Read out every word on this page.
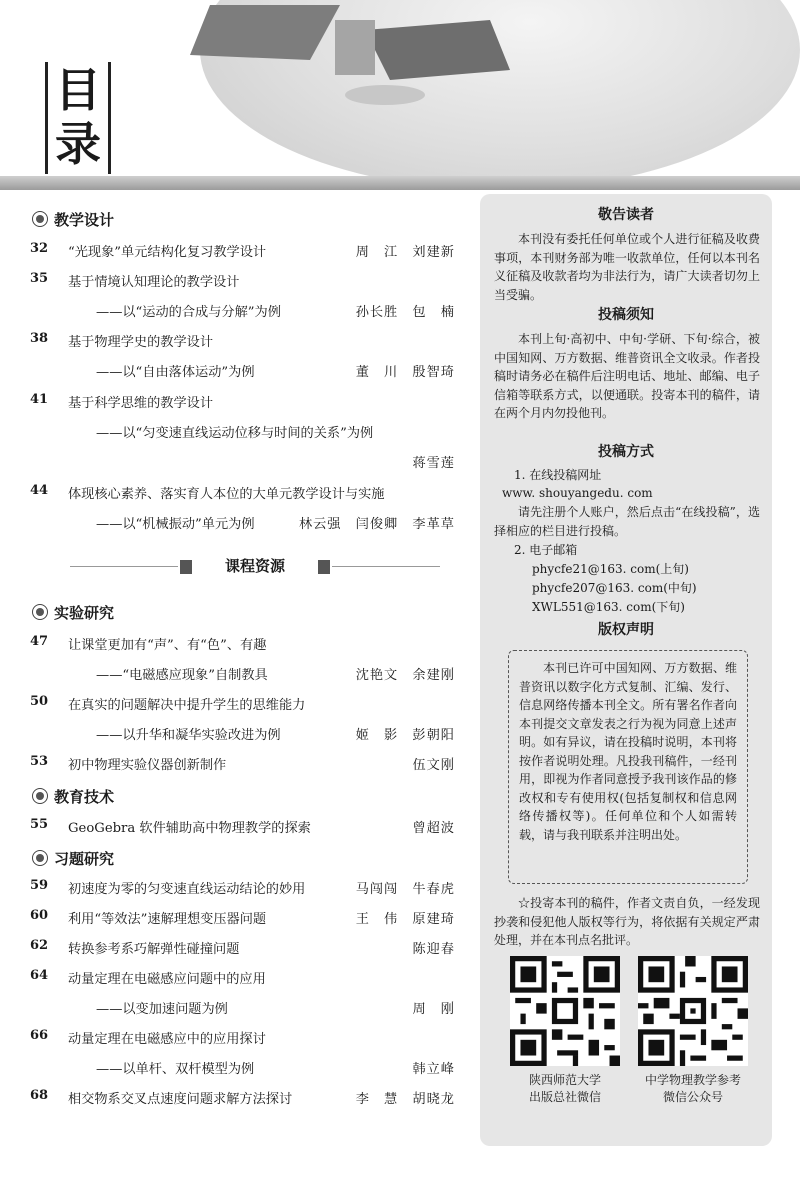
目
录
教学设计
32 “光现象”单元结构化复习教学设计	周　江　刘建新
35 基于情境认知理论的教学设计
——以“运动的合成与分解”为例	孙长胜　包　楠
38 基于物理学史的教学设计
——以“自由落体运动”为例	董　川　殷智琦
41 基于科学思维的教学设计
——以“匀变速直线运动位移与时间的关系”为例
蒋雪莲
44 体现核心素养、落实育人本位的大单元教学设计与实施
——以“机械振动”单元为例	林云强　闫俊卿　李革草
课程资源
实验研究
47 让课堂更加有“声”、有“色”、有趣
——“电磁感应现象”自制教具	沈艳文　余建刚
50 在真实的问题解决中提升学生的思维能力
——以升华和凝华实验改进为例	姬　影　彭朝阳
53 初中物理实验仪器创新制作	伍文刚
教育技术
55 GeoGebra 软件辅助高中物理教学的探索	曾超波
习题研究
59 初速度为零的匀变速直线运动结论的妙用	马闯闯　牛春虎
60 利用“等效法”速解理想变压器问题	王　伟　原建琦
62 转换参考系巧解弹性碰撞问题	陈迎春
64 动量定理在电磁感应问题中的应用
——以变加速问题为例	周　刚
66 动量定理在电磁感应中的应用探讨
——以单杆、双杆模型为例	韩立峰
68 相交物系交叉点速度问题求解方法探讨	李　慧　胡晓龙
敬告读者
本刊没有委托任何单位或个人进行征稿及收费事项，本刊财务部为唯一收款单位，任何以本刊名义征稿及收款者均为非法行为，请广大读者切勿上当受骗。
投稿须知
本刊上旬·高初中、中旬·学研、下旬·综合，被中国知网、万方数据、维普资讯全文收录。作者投稿时请务必在稿件后注明电话、地址、邮编、电子信箱等联系方式，以便通联。投寄本刊的稿件，请在两个月内勿投他刊。
投稿方式
1. 在线投稿网址
www. shouyangedu. com
请先注册个人账户，然后点击“在线投稿”，选择相应的栏目进行投稿。
2. 电子邮箱
phycfe21@163. com(上旬)
phycfe207@163. com(中旬)
XWL551@163. com(下旬)
版权声明
本刊已许可中国知网、万方数据、维普资讯以数字化方式复制、汇编、发行、信息网络传播本刊全文。所有署名作者向本刊提交文章发表之行为视为同意上述声明。如有异议，请在投稿时说明，本刊将按作者说明处理。凡投我刊稿件，一经刊用，即视为作者同意授予我刊该作品的修改权和专有使用权(包括复制权和信息网络传播权等)。任何单位和个人如需转载，请与我刊联系并注明出处。
☆投寄本刊的稿件，作者文责自负，一经发现抄袭和侵犯他人版权等行为，将依据有关规定严肃处理，并在本刊点名批评。
陕西师范大学
出版总社微信
中学物理教学参考
微信公众号
